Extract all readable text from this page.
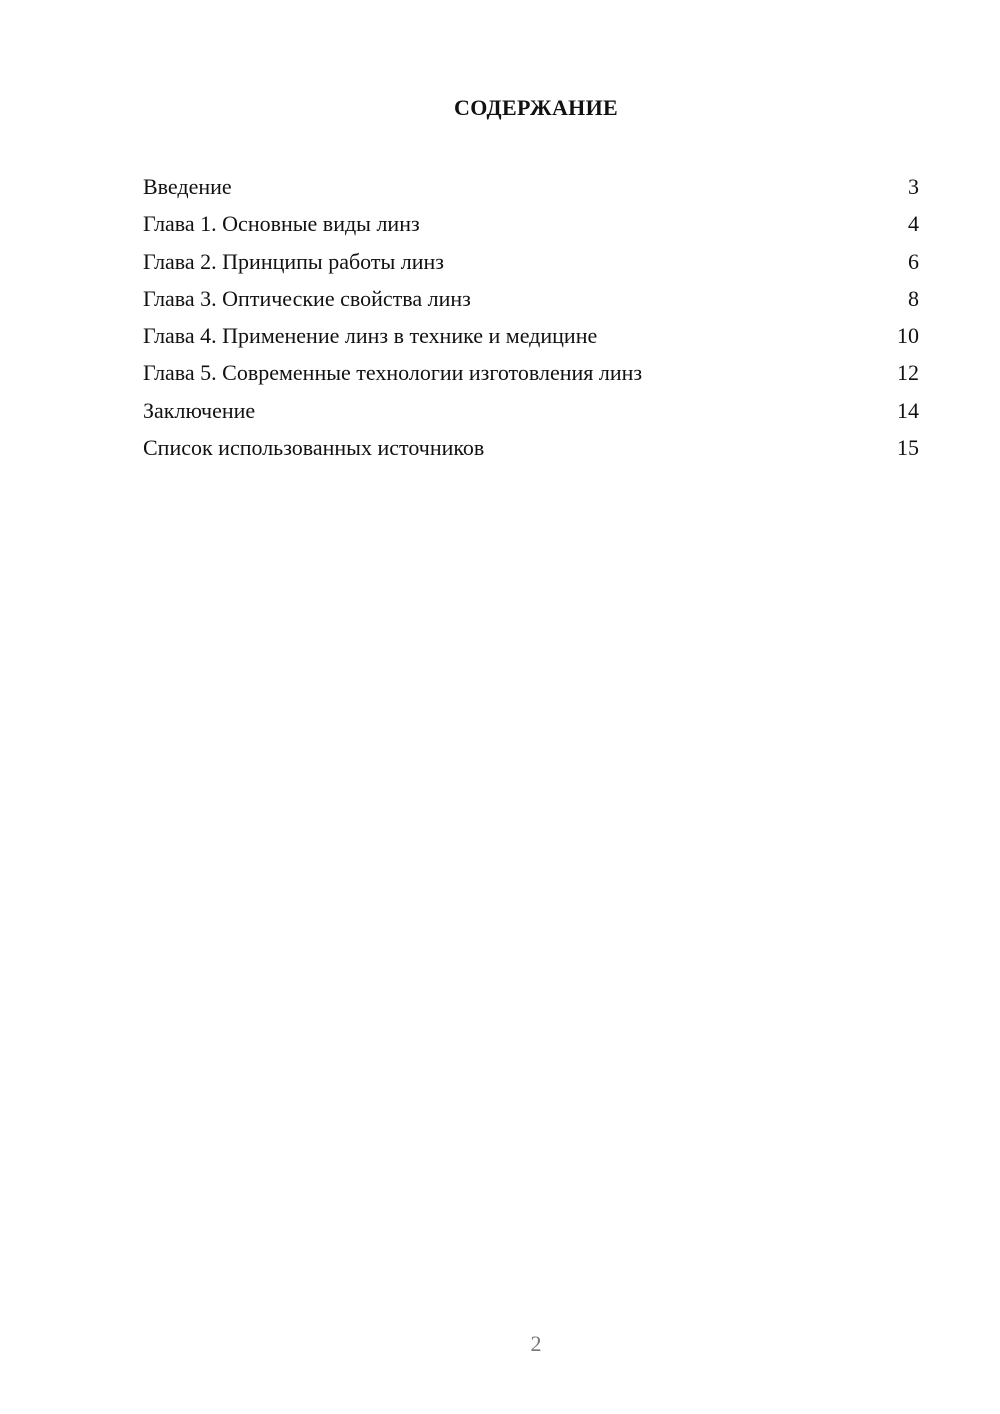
СОДЕРЖАНИЕ
Введение	3
Глава 1. Основные виды линз	4
Глава 2. Принципы работы линз	6
Глава 3. Оптические свойства линз	8
Глава 4. Применение линз в технике и медицине	10
Глава 5. Современные технологии изготовления линз	12
Заключение	14
Список использованных источников	15
2
